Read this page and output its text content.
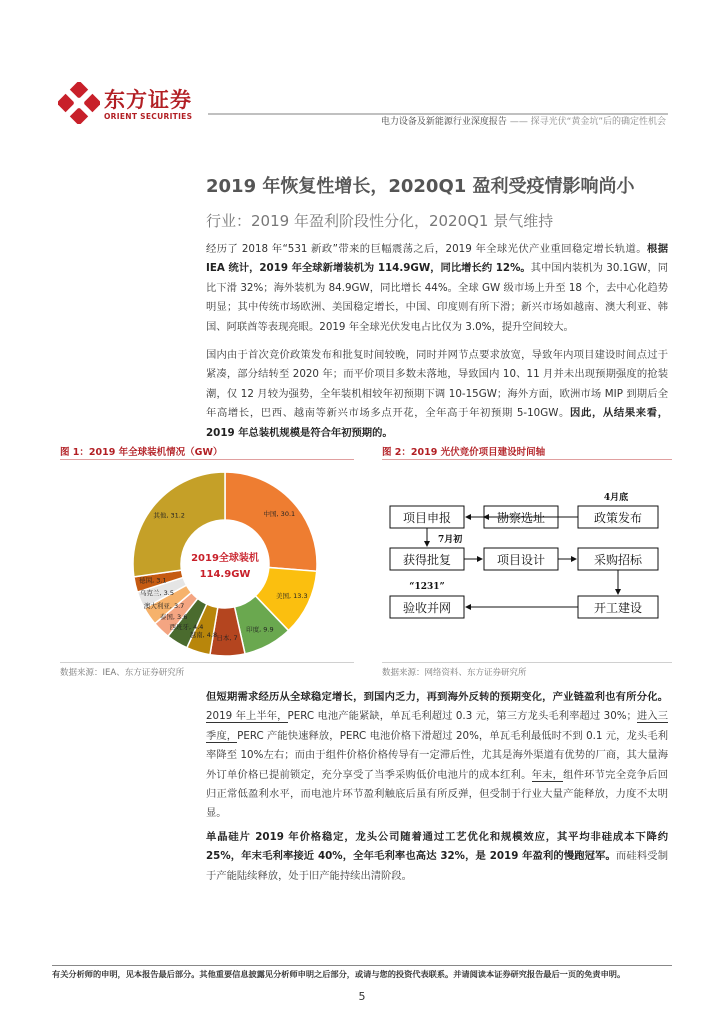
东方证券
ORIENT SECURITIES
电力设备及新能源行业深度报告 —— 探寻光伏“黄金坑”后的确定性机会
2019 年恢复性增长，2020Q1 盈利受疫情影响尚小
行业：2019 年盈利阶段性分化，2020Q1 景气维持

经历了 2018 年“531 新政”带来的巨幅震荡之后，2019 年全球光伏产业重回稳定增长轨道。根据 IEA 统计，2019 年全球新增装机为 114.9GW，同比增长约 12%。其中国内装机为 30.1GW，同比下滑 32%；海外装机为 84.9GW，同比增长 44%。全球 GW 级市场上升至 18 个，去中心化趋势明显；其中传统市场欧洲、美国稳定增长，中国、印度则有所下滑；新兴市场如越南、澳大利亚、韩国、阿联酋等表现亮眼。2019 年全球光伏发电占比仅为 3.0%，提升空间较大。

国内由于首次竞价政策发布和批复时间较晚，同时并网节点要求放宽，导致年内项目建设时间点过于紧凑，部分结转至 2020 年；而平价项目多数未落地，导致国内 10、11 月并未出现预期强度的抢装潮，仅 12 月较为强势，全年装机相较年初预期下调 10-15GW；海外方面，欧洲市场 MIP 到期后全年高增长，巴西、越南等新兴市场多点开花，全年高于年初预期 5-10GW。因此，从结果来看，2019 年总装机规模是符合年初预期的。

图 1：2019 年全球装机情况（GW）	图 2：2019 光伏竞价项目建设时间轴
中国, 30.1
美国, 13.3
印度, 9.9
日本, 7
越南, 4.8
西班牙, 4.4
泰国, 3.6
澳大利亚, 3.7
乌克兰, 3.5
德国, 3.1
其他, 31.2
2019全球装机
114.9GW
项目申报	勘察选址	政策发布
获得批复	项目设计	采购招标
验收并网	开工建设
4月底
7月初
“1231”
数据来源：IEA、东方证券研究所	数据来源：网络资料、东方证券研究所

但短期需求经历从全球稳定增长，到国内乏力，再到海外反转的预期变化，产业链盈利也有所分化。2019 年上半年，PERC 电池产能紧缺，单瓦毛利超过 0.3 元，第三方龙头毛利率超过 30%；进入三季度，PERC 产能快速释放，PERC 电池价格下滑超过 20%，单瓦毛利最低时不到 0.1 元，龙头毛利率降至 10%左右；而由于组件价格价格传导有一定滞后性，尤其是海外渠道有优势的厂商，其大量海外订单价格已提前锁定，充分享受了当季采购低价电池片的成本红利。年末，组件环节完全竞争后回归正常低盈利水平，而电池片环节盈利触底后虽有所反弹，但受制于行业大量产能释放，力度不太明显。

单晶硅片 2019 年价格稳定，龙头公司随着通过工艺优化和规模效应，其平均非硅成本下降约 25%，年末毛利率接近 40%，全年毛利率也高达 32%，是 2019 年盈利的慢跑冠军。而硅料受制于产能陆续释放，处于旧产能持续出清阶段。

有关分析师的申明，见本报告最后部分。其他重要信息披露见分析师申明之后部分，或请与您的投资代表联系。并请阅读本证券研究报告最后一页的免责申明。
5
